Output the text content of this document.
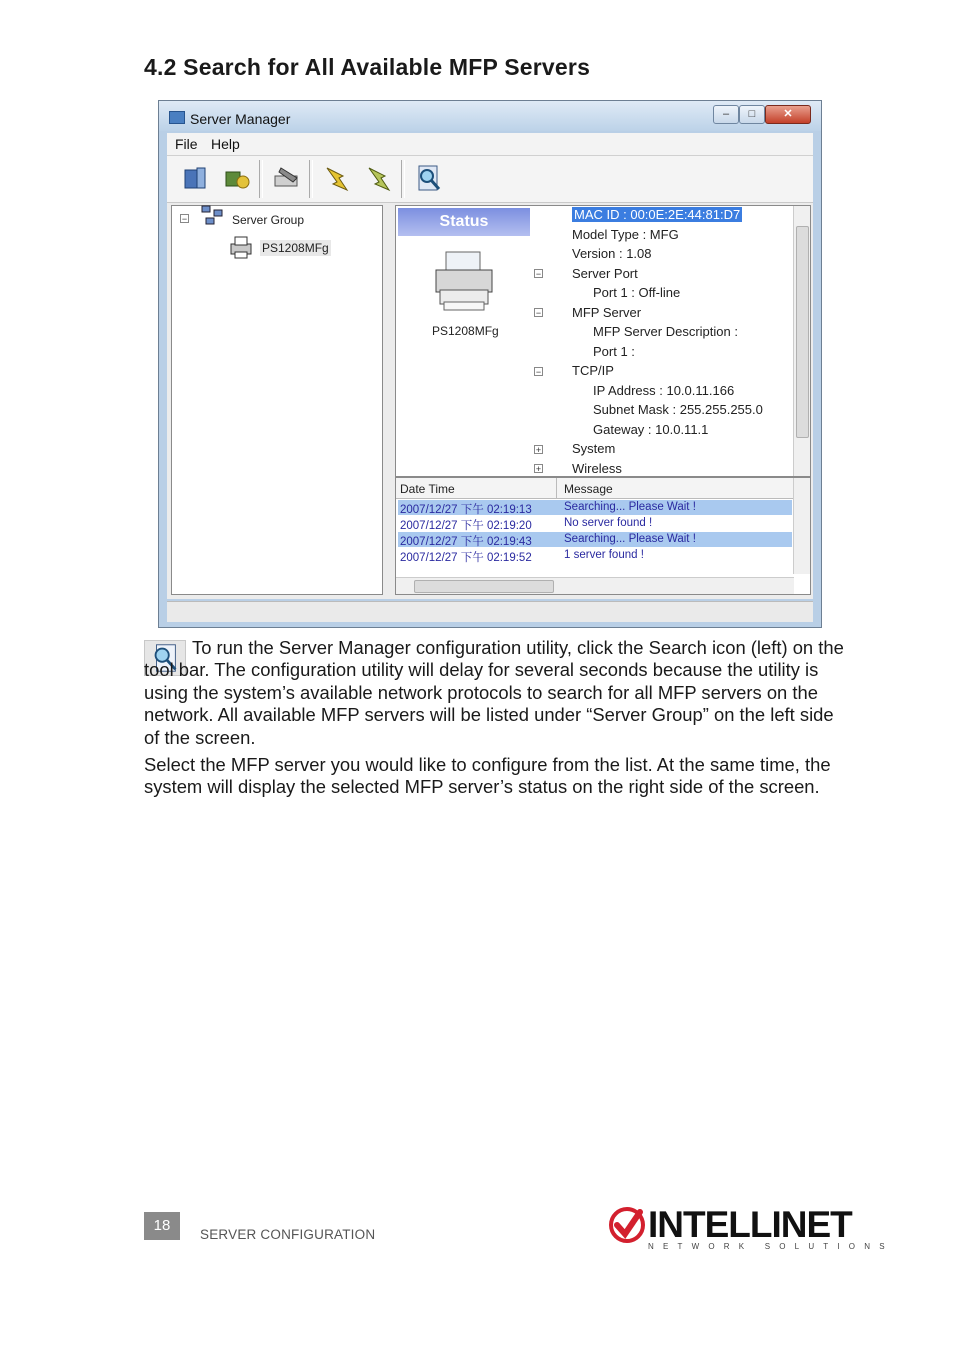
4.2 Search for All Available MFP Servers
Server Manager	–	□	✕
File Help
−	Server Group
PS1208MFg
Status
PS1208MFg
MAC ID : 00:0E:2E:44:81:D7
Model Type : MFG
Version : 1.08
− Server Port
Port 1 : Off-line
− MFP Server
MFP Server Description :
Port 1 :
− TCP/IP
IP Address : 10.0.11.166
Subnet Mask : 255.255.255.0
Gateway : 10.0.11.1
+ System
+ Wireless
Date Time	Message
2007/12/27 下午 02:19:13	Searching... Please Wait !
2007/12/27 下午 02:19:20	No server found !
2007/12/27 下午 02:19:43	Searching... Please Wait !
2007/12/27 下午 02:19:52	1 server found !
To run the Server Manager configuration utility, click the Search icon (left) on the tool bar. The configuration utility will delay for several seconds because the utility is using the system’s available network protocols to search for all MFP servers on the network. All available MFP servers will be listed under “Server Group” on the left side of the screen.
Select the MFP server you would like to configure from the list. At the same time, the system will display the selected MFP server’s status on the right side of the screen.
18
SERVER CONFIGURATION	INTELLINET
NETWORK SOLUTIONS
